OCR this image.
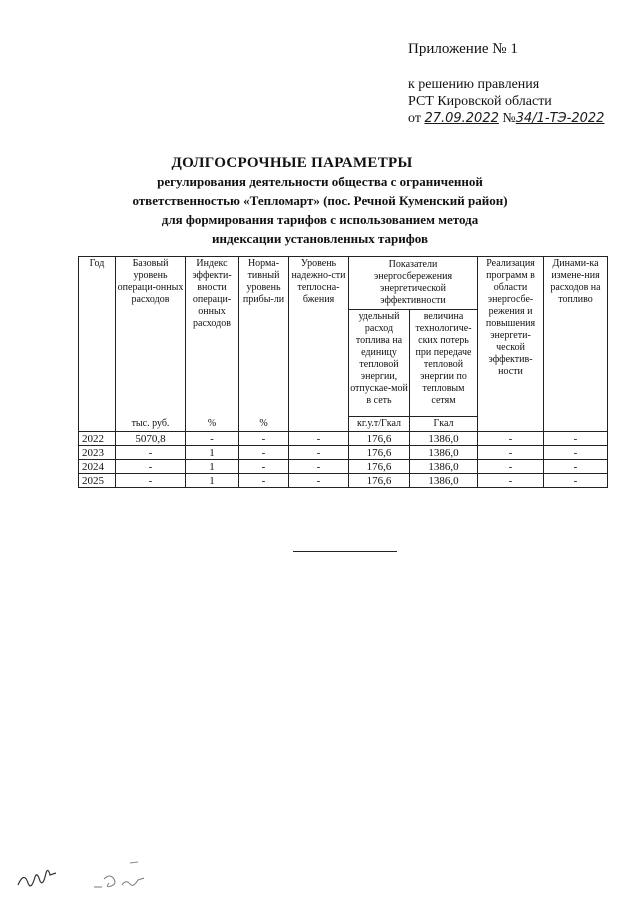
Приложение № 1
к решению правления
РСТ Кировской области
от 27.09.2022 №34/1-ТЭ-2022
ДОЛГОСРОЧНЫЕ ПАРАМЕТРЫ
регулирования деятельности общества с ограниченной
ответственностью «Тепломарт» (пос. Речной Куменский район)
для формирования тарифов с использованием метода
индексации установленных тарифов
Год	Базовый уровень операци-онных расходов	Индекс эффекти-вности операци-онных расходов	Норма-тивный уровень прибы-ли	Уровень надежно-сти теплосна-бжения	Показатели энергосбережения энергетической эффективности		Реализация программ в области энергосбе-режения и повышения энергети-ческой эффектив-ности	Динами-ка измене-ния расходов на топливо
					удельный расход топлива на единицу тепловой энергии, отпускае-мой в сеть	величина технологиче-ских потерь при передаче тепловой энергии по тепловым сетям		
	тыс. руб.	%	%		кг.у.т/Гкал	Гкал		
2022	5070,8	-	-	-	176,6	1386,0	-	-
2023	-	1	-	-	176,6	1386,0	-	-
2024	-	1	-	-	176,6	1386,0	-	-
2025	-	1	-	-	176,6	1386,0	-	-
